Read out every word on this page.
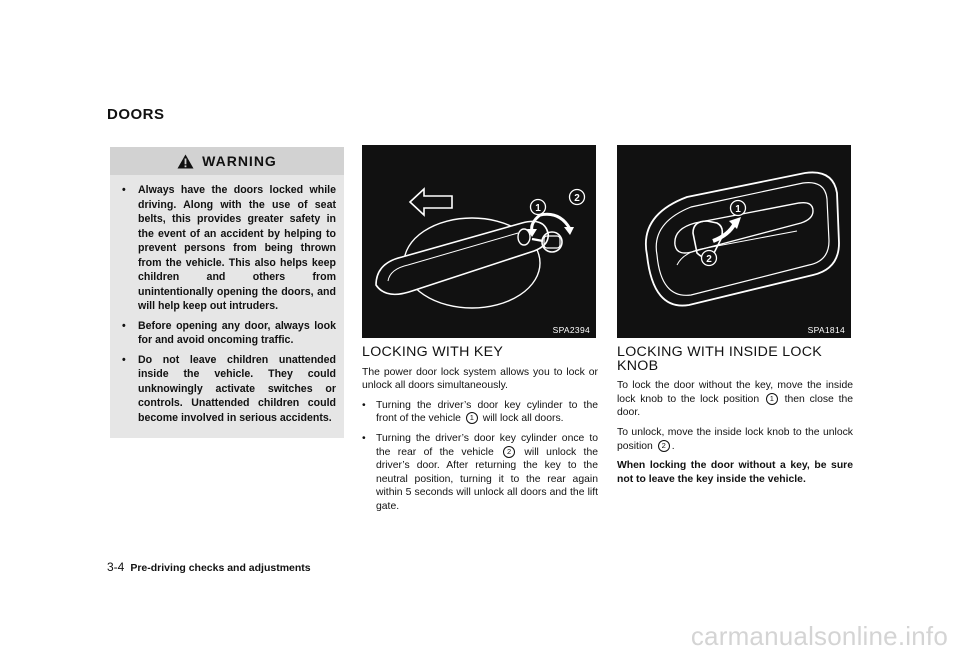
DOORS
WARNING
• Always have the doors locked while driving. Along with the use of seat belts, this provides greater safety in the event of an accident by helping to prevent persons from being thrown from the vehicle. This also helps keep children and others from unintentionally opening the doors, and will help keep out intruders.
• Before opening any door, always look for and avoid oncoming traffic.
• Do not leave children unattended inside the vehicle. They could unknowingly activate switches or controls. Unattended children could become involved in serious accidents.
1
2
SPA2394
1
2
SPA1814
LOCKING WITH KEY

The power door lock system allows you to lock or unlock all doors simultaneously.

• Turning the driver’s door key cylinder to the front of the vehicle 1 will lock all doors.
• Turning the driver’s door key cylinder once to the rear of the vehicle 2 will unlock the driver’s door. After returning the key to the neutral position, turning it to the rear again within 5 seconds will unlock all doors and the lift gate.
LOCKING WITH INSIDE LOCK KNOB

To lock the door without the key, move the inside lock knob to the lock position 1 then close the door.

To unlock, move the inside lock knob to the unlock position 2 .

When locking the door without a key, be sure not to leave the key inside the vehicle.

3-4 Pre-driving checks and adjustments
carmanualsonline.info
